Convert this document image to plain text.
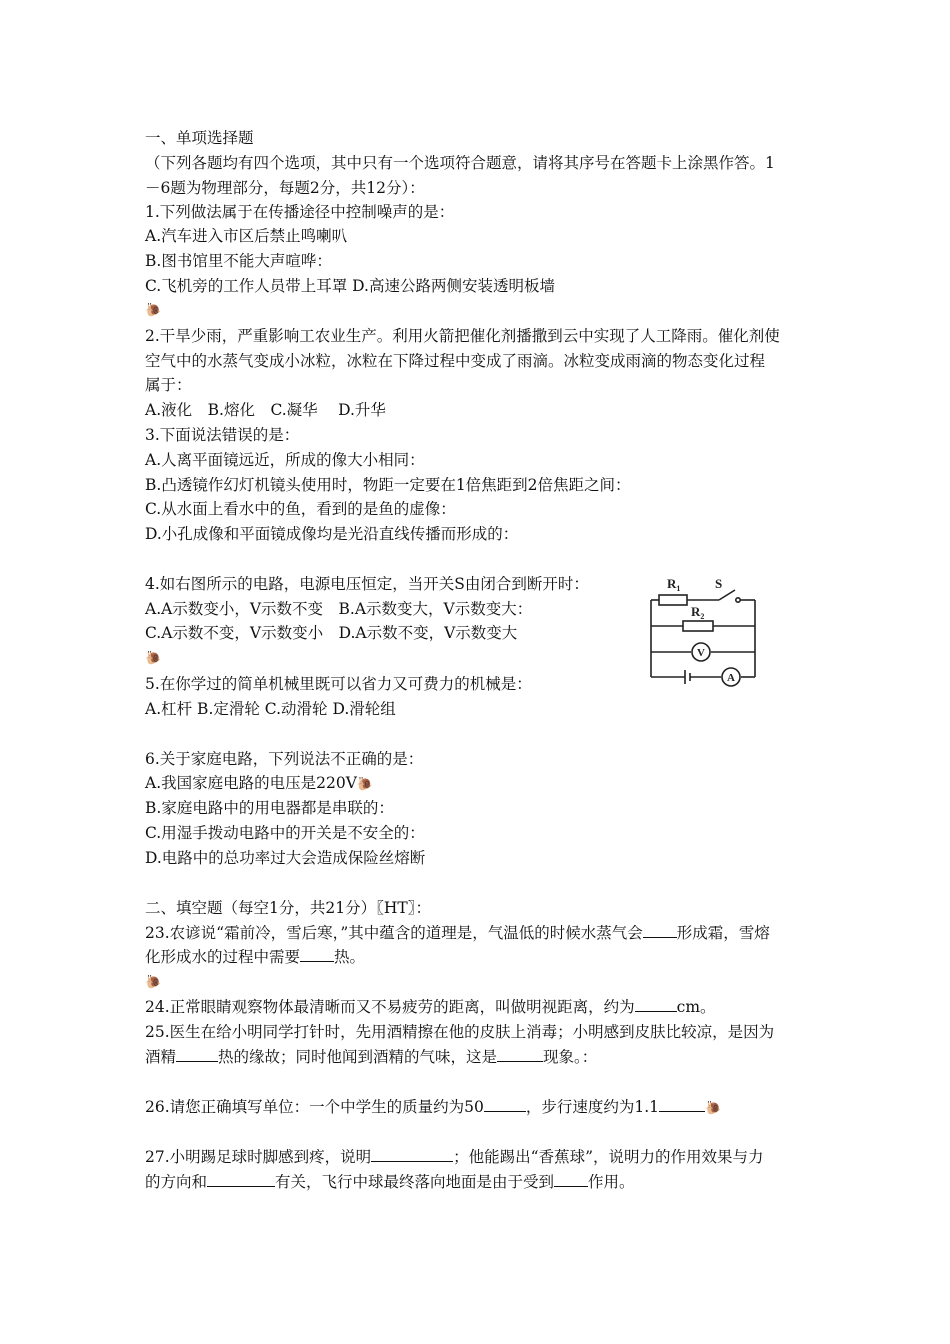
一、单项选择题
（下列各题均有四个选项，其中只有一个选项符合题意，请将其序号在答题卡上涂黑作答。1
－6题为物理部分，每题2分，共12分）：
1.下列做法属于在传播途径中控制噪声的是：
A.汽车进入市区后禁止鸣喇叭
B.图书馆里不能大声喧哗：
C.飞机旁的工作人员带上耳罩 D.高速公路两侧安装透明板墙
🐌
2.干旱少雨，严重影响工农业生产。利用火箭把催化剂播撒到云中实现了人工降雨。催化剂使
空气中的水蒸气变成小冰粒，冰粒在下降过程中变成了雨滴。冰粒变成雨滴的物态变化过程
属于：
A.液化　B.熔化　C.凝华　 D.升华
3.下面说法错误的是：
A.人离平面镜远近，所成的像大小相同：
B.凸透镜作幻灯机镜头使用时，物距一定要在1倍焦距到2倍焦距之间：
C.从水面上看水中的鱼，看到的是鱼的虚像：
D.小孔成像和平面镜成像均是光沿直线传播而形成的：
4.如右图所示的电路，电源电压恒定，当开关S由闭合到断开时：
A.A示数变小，V示数不变　B.A示数变大，V示数变大：
C.A示数不变，V示数变小　D.A示数不变，V示数变大
🐌
$R_1$	S
$R_2$
V
A
5.在你学过的简单机械里既可以省力又可费力的机械是：
A.杠杆 B.定滑轮 C.动滑轮 D.滑轮组
6.关于家庭电路，下列说法不正确的是：
A.我国家庭电路的电压是220V🐌
B.家庭电路中的用电器都是串联的：
C.用湿手拨动电路中的开关是不安全的：
D.电路中的总功率过大会造成保险丝熔断
二、填空题（每空1分，共21分）〖HT〗：
23.农谚说“霜前冷，雪后寒，”其中蕴含的道理是，气温低的时候水蒸气会 形成霜，雪熔
化形成水的过程中需要 热。
🐌
24.正常眼睛观察物体最清晰而又不易疲劳的距离，叫做明视距离，约为	cm。
25.医生在给小明同学打针时，先用酒精擦在他的皮肤上消毒；小明感到皮肤比较凉，是因为
酒精	热的缘故；同时他闻到酒精的气味，这是	现象。：
26.请您正确填写单位：一个中学生的质量约为50	，步行速度约为1.1	🐌
27.小明踢足球时脚感到疼，说明	；他能踢出“香蕉球”，说明力的作用效果与力
的方向和	有关，飞行中球最终落向地面是由于受到 作用。
